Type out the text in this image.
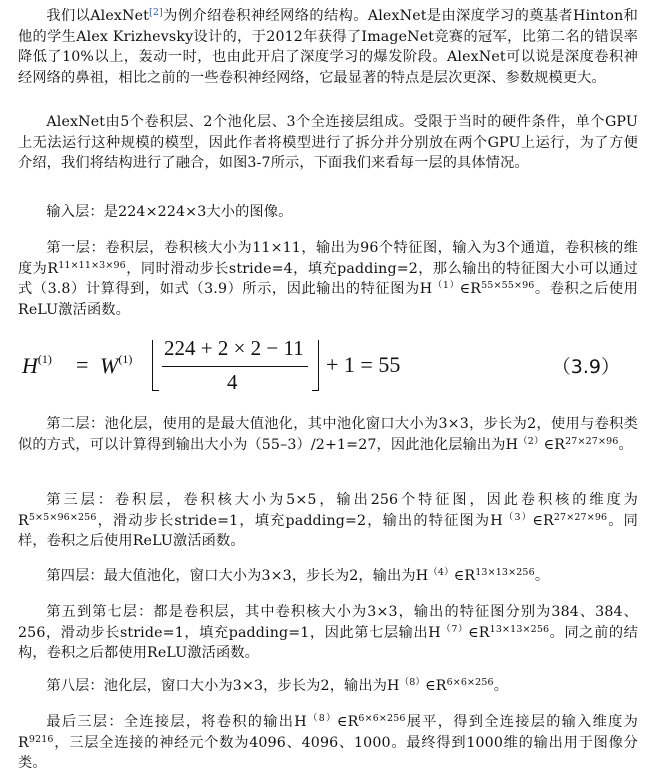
我们以AlexNet[2]为例介绍卷积神经网络的结构。AlexNet是由深度学习的奠基者Hinton和他的学生Alex Krizhevsky设计的，于2012年获得了ImageNet竞赛的冠军，比第二名的错误率降低了10%以上，轰动一时，也由此开启了深度学习的爆发阶段。AlexNet可以说是深度卷积神经网络的鼻祖，相比之前的一些卷积神经网络，它最显著的特点是层次更深、参数规模更大。

AlexNet由5个卷积层、2个池化层、3个全连接层组成。受限于当时的硬件条件，单个GPU上无法运行这种规模的模型，因此作者将模型进行了拆分并分别放在两个GPU上运行，为了方便介绍，我们将结构进行了融合，如图3-7所示，下面我们来看每一层的具体情况。

输入层：是224×224×3大小的图像。

第一层：卷积层，卷积核大小为11×11，输出为96个特征图，输入为3个通道，卷积核的维度为$R^{11\times 11\times 3\times 96}$，同时滑动步长stride=4，填充padding=2，那么输出的特征图大小可以通过式（3.8）计算得到，如式（3.9）所示，因此输出的特征图为$H^{(1)}\in R^{55\times 55\times 96}$。卷积之后使用ReLU激活函数。

$H^{(1)} = W^{(1)}$ 224 + 2 × 2 − 11
4
+ 1 = 55	（3.9）

第二层：池化层，使用的是最大值池化，其中池化窗口大小为3×3，步长为2，使用与卷积类似的方式，可以计算得到输出大小为（55–3）/2+1=27，因此池化层输出为$H^{(2)}\in R^{27\times 27\times 96}$。

第三层：卷积层，卷积核大小为5×5，输出256个特征图，因此卷积核的维度为$R^{5\times 5\times 96\times 256}$，滑动步长stride=1，填充padding=2，输出的特征图为$H^{(3)}\in R^{27\times 27\times 96}$。同样，卷积之后使用ReLU激活函数。

第四层：最大值池化，窗口大小为3×3，步长为2，输出为$H^{(4)}\in R^{13\times 13\times 256}$。

第五到第七层：都是卷积层，其中卷积核大小为3×3，输出的特征图分别为384、384、256，滑动步长stride=1，填充padding=1，因此第七层输出$H^{(7)}\in R^{13\times 13\times 256}$。同之前的结构，卷积之后都使用ReLU激活函数。

第八层：池化层，窗口大小为3×3，步长为2，输出为$H^{(8)}\in R^{6\times 6\times 256}$。

最后三层：全连接层，将卷积的输出$H^{(8)}\in R^{6\times 6\times 256}$展平，得到全连接层的输入维度为$R^{9216}$，三层全连接的神经元个数为4096、4096、1000。最终得到1000维的输出用于图像分类。
